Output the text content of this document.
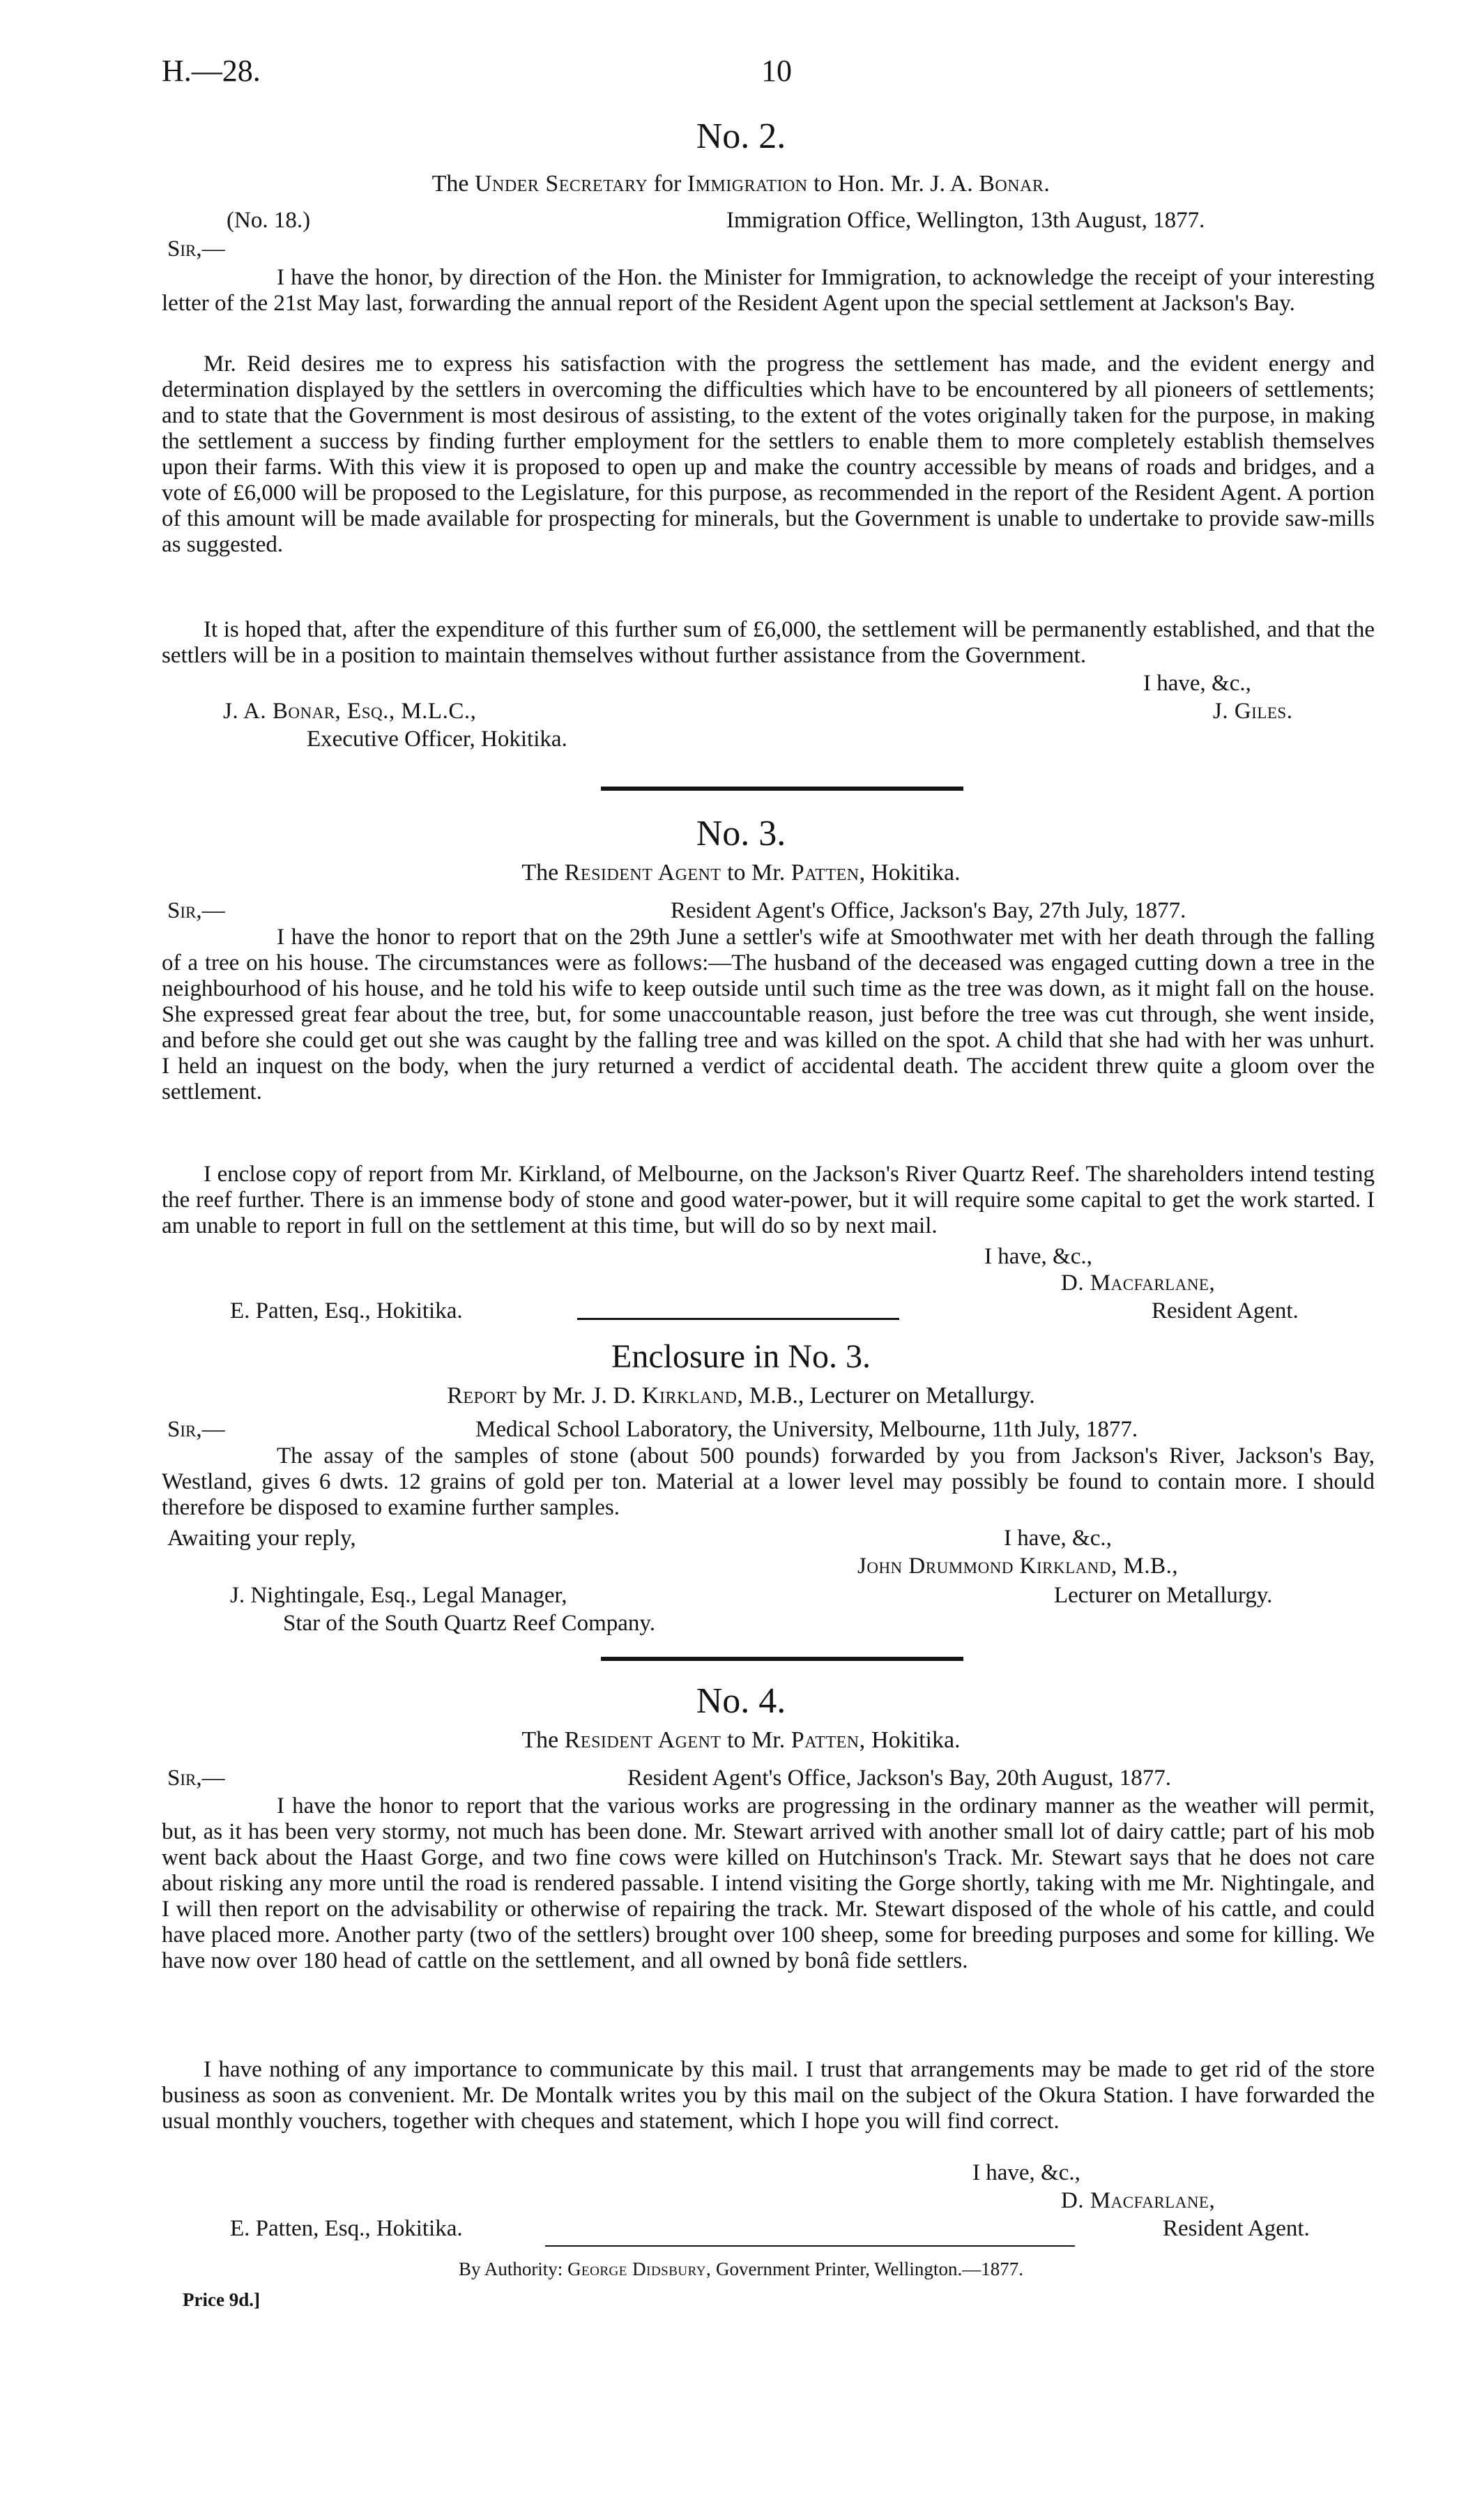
H.—28.	10
No. 2.
The Under Secretary for Immigration to Hon. Mr. J. A. Bonar.
(No. 18.)	Immigration Office, Wellington, 13th August, 1877.
Sir,—

I have the honor, by direction of the Hon. the Minister for Immigration, to acknowledge the receipt of your interesting letter of the 21st May last, forwarding the annual report of the Resident Agent upon the special settlement at Jackson's Bay.

Mr. Reid desires me to express his satisfaction with the progress the settlement has made, and the evident energy and determination displayed by the settlers in overcoming the difficulties which have to be encountered by all pioneers of settlements; and to state that the Government is most desirous of assisting, to the extent of the votes originally taken for the purpose, in making the settlement a success by finding further employment for the settlers to enable them to more completely establish themselves upon their farms. With this view it is proposed to open up and make the country accessible by means of roads and bridges, and a vote of £6,000 will be proposed to the Legislature, for this purpose, as recommended in the report of the Resident Agent. A portion of this amount will be made available for prospecting for minerals, but the Government is unable to undertake to provide saw-mills as suggested.

It is hoped that, after the expenditure of this further sum of £6,000, the settlement will be permanently established, and that the settlers will be in a position to maintain themselves without further assistance from the Government.

I have, &c.,
J. A. Bonar, Esq., M.L.C.,	J. Giles.
Executive Officer, Hokitika.
No. 3.
The Resident Agent to Mr. Patten, Hokitika.
Sir,—	Resident Agent's Office, Jackson's Bay, 27th July, 1877.

I have the honor to report that on the 29th June a settler's wife at Smoothwater met with her death through the falling of a tree on his house. The circumstances were as follows:—The husband of the deceased was engaged cutting down a tree in the neighbourhood of his house, and he told his wife to keep outside until such time as the tree was down, as it might fall on the house. She expressed great fear about the tree, but, for some unaccountable reason, just before the tree was cut through, she went inside, and before she could get out she was caught by the falling tree and was killed on the spot. A child that she had with her was unhurt. I held an inquest on the body, when the jury returned a verdict of accidental death. The accident threw quite a gloom over the settlement.

I enclose copy of report from Mr. Kirkland, of Melbourne, on the Jackson's River Quartz Reef. The shareholders intend testing the reef further. There is an immense body of stone and good water-power, but it will require some capital to get the work started. I am unable to report in full on the settlement at this time, but will do so by next mail.

I have, &c.,
D. Macfarlane,
E. Patten, Esq., Hokitika.	Resident Agent.
Enclosure in No. 3.
Report by Mr. J. D. Kirkland, M.B., Lecturer on Metallurgy.
Sir,—	Medical School Laboratory, the University, Melbourne, 11th July, 1877.

The assay of the samples of stone (about 500 pounds) forwarded by you from Jackson's River, Jackson's Bay, Westland, gives 6 dwts. 12 grains of gold per ton. Material at a lower level may possibly be found to contain more. I should therefore be disposed to examine further samples.

Awaiting your reply,	I have, &c.,
John Drummond Kirkland, M.B.,
J. Nightingale, Esq., Legal Manager,	Lecturer on Metallurgy.
Star of the South Quartz Reef Company.
No. 4.
The Resident Agent to Mr. Patten, Hokitika.
Sir,—	Resident Agent's Office, Jackson's Bay, 20th August, 1877.

I have the honor to report that the various works are progressing in the ordinary manner as the weather will permit, but, as it has been very stormy, not much has been done. Mr. Stewart arrived with another small lot of dairy cattle; part of his mob went back about the Haast Gorge, and two fine cows were killed on Hutchinson's Track. Mr. Stewart says that he does not care about risking any more until the road is rendered passable. I intend visiting the Gorge shortly, taking with me Mr. Nightingale, and I will then report on the advisability or otherwise of repairing the track. Mr. Stewart disposed of the whole of his cattle, and could have placed more. Another party (two of the settlers) brought over 100 sheep, some for breeding purposes and some for killing. We have now over 180 head of cattle on the settlement, and all owned by bonâ fide settlers.

I have nothing of any importance to communicate by this mail. I trust that arrangements may be made to get rid of the store business as soon as convenient. Mr. De Montalk writes you by this mail on the subject of the Okura Station. I have forwarded the usual monthly vouchers, together with cheques and statement, which I hope you will find correct.

I have, &c.,
D. Macfarlane,
E. Patten, Esq., Hokitika.	Resident Agent.
By Authority: George Didsbury, Government Printer, Wellington.—1877.
Price 9d.]
